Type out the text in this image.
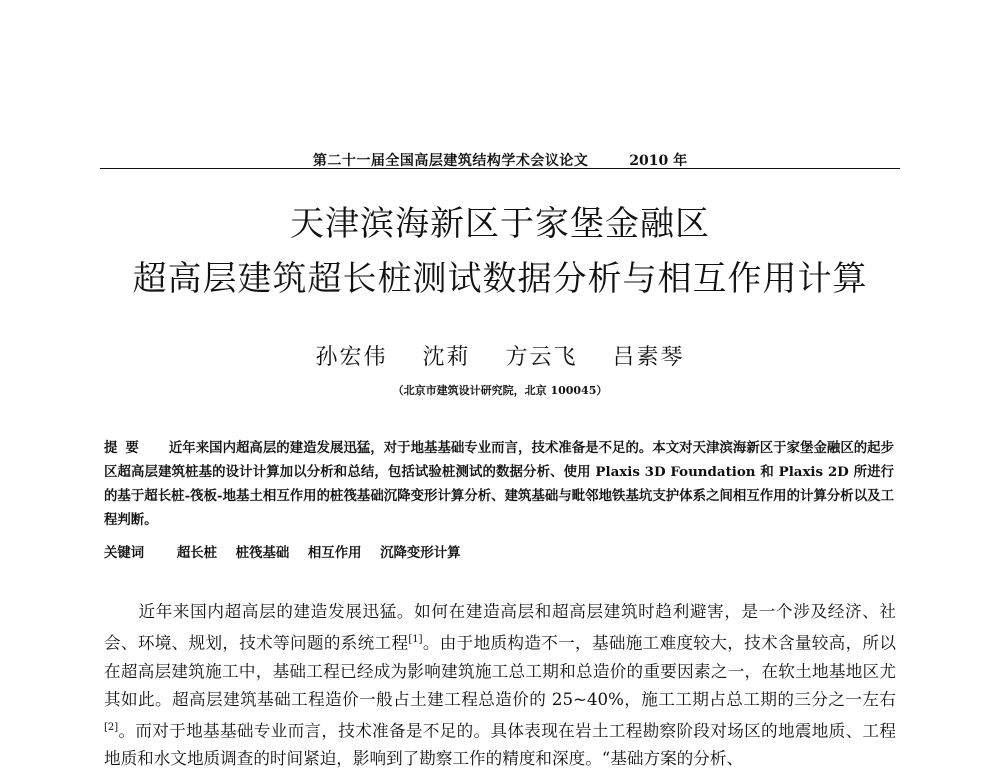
第二十一届全国高层建筑结构学术会议论文	2010 年
天津滨海新区于家堡金融区
超高层建筑超长桩测试数据分析与相互作用计算
孙宏伟 沈莉 方云飞 吕素琴
（北京市建筑设计研究院，北京 100045）
提要 近年来国内超高层的建造发展迅猛，对于地基基础专业而言，技术准备是不足的。本文对天津滨海新区于家堡金融区的起步区超高层建筑桩基的设计计算加以分析和总结，包括试验桩测试的数据分析、使用 Plaxis 3D Foundation 和 Plaxis 2D 所进行的基于超长桩-筏板-地基土相互作用的桩筏基础沉降变形计算分析、建筑基础与毗邻地铁基坑支护体系之间相互作用的计算分析以及工程判断。
关键词 超长桩 桩筏基础 相互作用 沉降变形计算
　　近年来国内超高层的建造发展迅猛。如何在建造高层和超高层建筑时趋利避害，是一个涉及经济、社会、环境、规划，技术等问题的系统工程[1]。由于地质构造不一，基础施工难度较大，技术含量较高，所以在超高层建筑施工中，基础工程已经成为影响建筑施工总工期和总造价的重要因素之一，在软土地基地区尤其如此。超高层建筑基础工程造价一般占土建工程总造价的 25~40%，施工工期占总工期的三分之一左右[2]。而对于地基基础专业而言，技术准备是不足的。具体表现在岩土工程勘察阶段对场区的地震地质、工程地质和水文地质调查的时间紧迫，影响到了勘察工作的精度和深度。“基础方案的分析、
